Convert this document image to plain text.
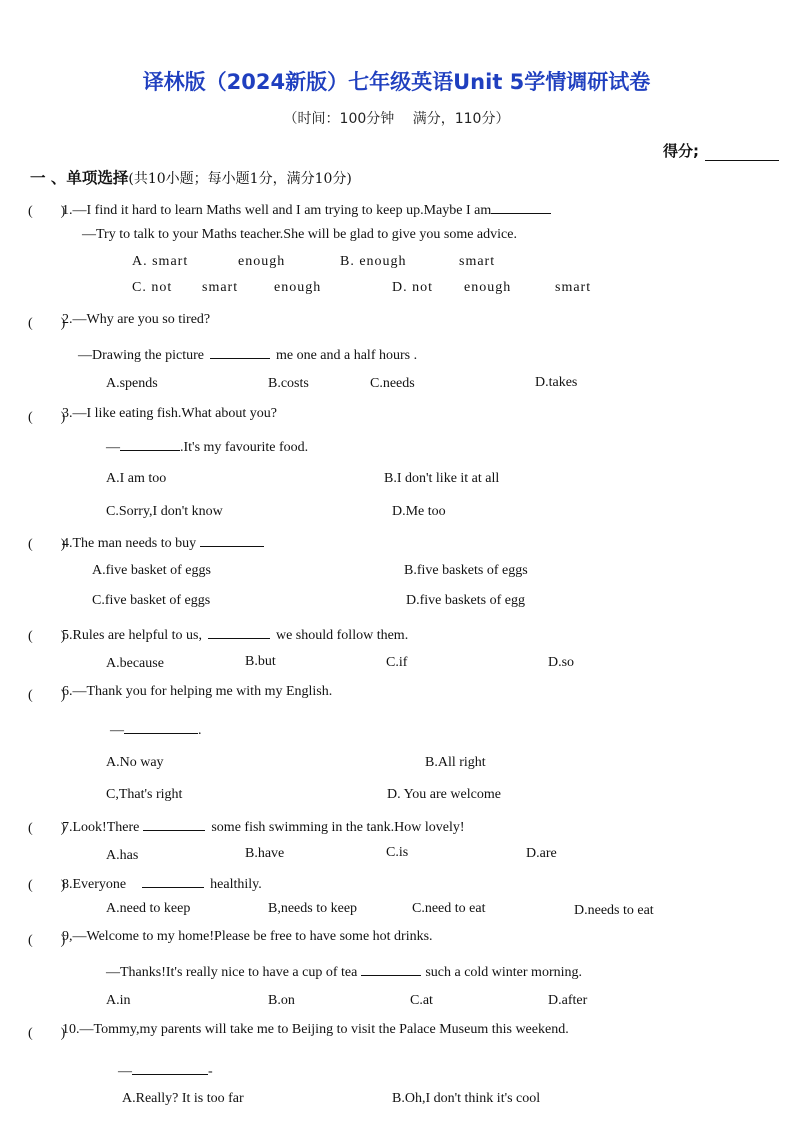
译林版（2024新版）七年级英语Unit 5学情调研试卷
（时间：100分钟　 满分，110分）
得分;
一 、单项选择(共10小题；每小题1分，满分10分)
(　　)
1.—I find it hard to learn Maths well and I am trying to keep up.Maybe I am
—Try to talk to your Maths teacher.She will be glad to give you some advice.
A. smart	enough	B. enough	smart
C. not smart	enough	D. not enough	smart
(　　)
2.—Why are you so tired?
—Drawing the picture	me one and a half hours .
A.spends	B.costs	C.needs	D.takes
(　　)
3.—I like eating fish.What about you?
—	.It's my favourite food.
A.I am too	B.I don't like it at all
C.Sorry,I don't know	D.Me too
(　　)
4.The man needs to buy
A.five basket of eggs	B.five baskets of eggs
C.five basket of eggs	D.five baskets of egg
(　　)
5.Rules are helpful to us,	we should follow them.
A.because	B.but	C.if	D.so
(　　)
6.—Thank you for helping me with my English.
—	.
A.No way	B.All right
C,That's right	D. You are welcome
(　　)
7.Look!There	some fish swimming in the tank.How lovely!
A.has	B.have	C.is	D.are
(　　)
8.Everyone	healthily.
A.need to keep	B,needs to keep	C.need to eat	D.needs to eat
(　　)
9,—Welcome to my home!Please be free to have some hot drinks.
—Thanks!It's really nice to have a cup of tea	such a cold winter morning.
A.in	B.on	C.at	D.after
(　　)
10.—Tommy,my parents will take me to Beijing to visit the Palace Museum this weekend.
—	-
A.Really? It is too far	B.Oh,I don't think it's cool
